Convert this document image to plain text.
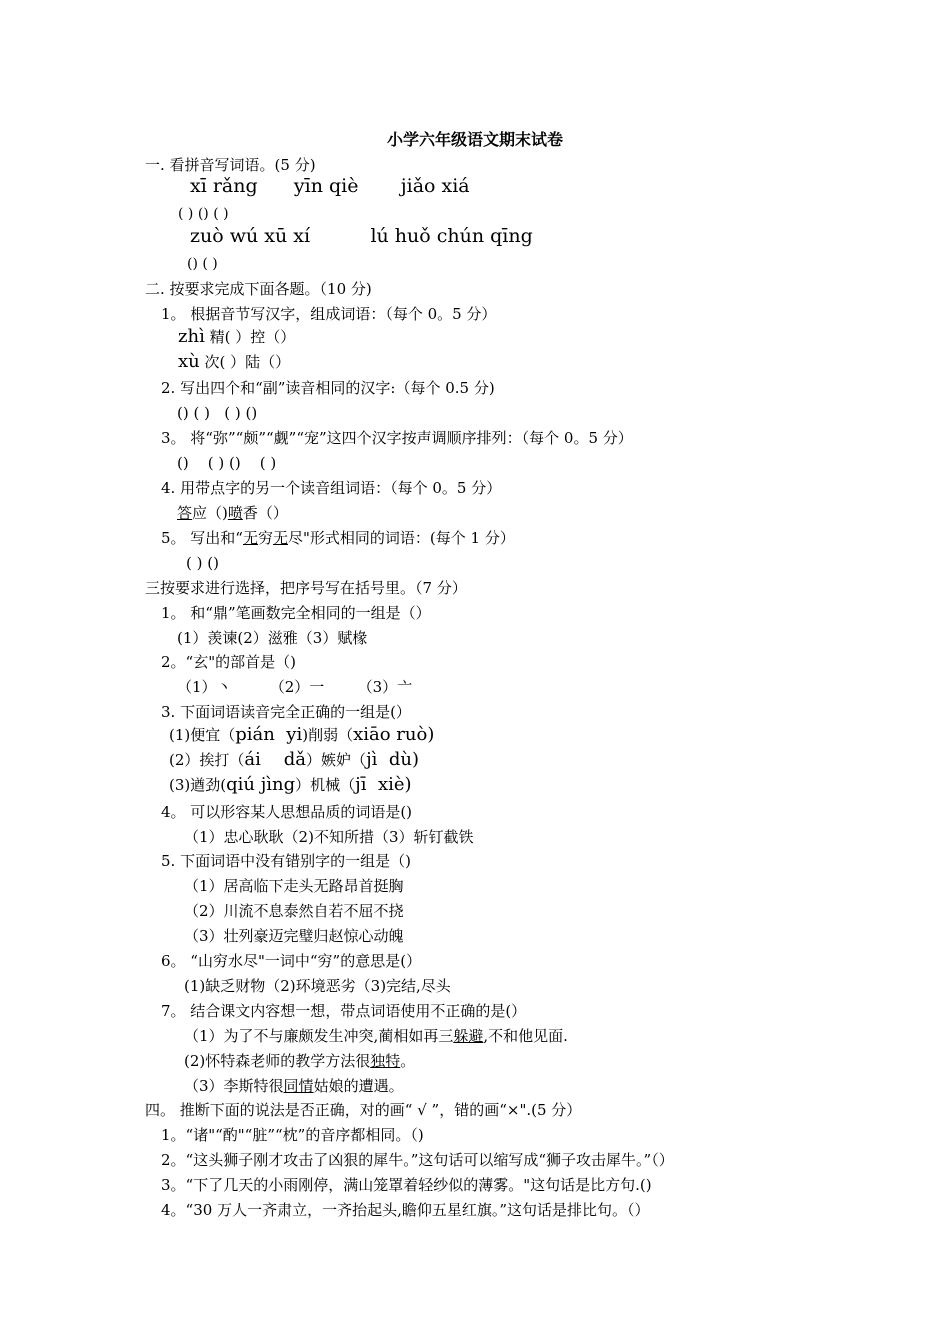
小学六年级语文期末试卷
一. 看拼音写词语。(5 分)
xī rǎng      yīn qiè       jiǎo xiá
( ) () ( )
zuò wú xū xí          lú huǒ chún qīng
() ( )
二. 按要求完成下面各题。（10 分)
1。 根据音节写汉字，组成词语：（每个 0。5 分）
zhì 精( ）控（）
xù 次( ）陆（）
2. 写出四个和“副”读音相同的汉字:（每个 0.5 分)
() ( )   ( ) ()
3。 将“弥”“颇”“觑”“宠”这四个汉字按声调顺序排列：（每个 0。5 分）
()    ( ) ()    ( )
4. 用带点字的另一个读音组词语：（每个 0。5 分）
答应（)喷香（）
5。 写出和“无穷无尽"形式相同的词语：(每个 1 分）
( ) ()
三按要求进行选择，把序号写在括号里。（7 分）
1。 和“鼎”笔画数完全相同的一组是（）
(1）羡谏(2）滋雅（3）赋椽
2。“玄"的部首是（)
（1）丶        （2）一       （3）亠
3. 下面词语读音完全正确的一组是(）
(1)便宜（pián  yi)削弱（xiāo ruò)
(2）挨打（ái    dǎ）嫉妒（jì  dù)
(3)遒劲(qiú jìng）机械（jī  xiè)
4。 可以形容某人思想品质的词语是()
（1）忠心耿耿（2)不知所措（3）斩钉截铁
5. 下面词语中没有错别字的一组是（)
（1）居高临下走头无路昂首挺胸
（2）川流不息泰然自若不屈不挠
（3）壮列豪迈完璧归赵惊心动魄
6。 “山穷水尽"一词中“穷”的意思是(）
(1)缺乏财物（2)环境恶劣（3)完结,尽头
7。 结合课文内容想一想，带点词语使用不正确的是(）
（1）为了不与廉颇发生冲突,蔺相如再三躲避,不和他见面.
(2)怀特森老师的教学方法很独特。
（3）李斯特很同情姑娘的遭遇。
四。 推断下面的说法是否正确，对的画“ √ ”，错的画“×".(5 分）
1。“诸"“酌"“脏”“枕”的音序都相同。（)
2。“这头狮子刚才攻击了凶狠的犀牛。”这句话可以缩写成“狮子攻击犀牛。”（）
3。“下了几天的小雨刚停，满山笼罩着轻纱似的薄雾。"这句话是比方句.()
4。“30 万人一齐肃立，一齐抬起头,瞻仰五星红旗。”这句话是排比句。（）
